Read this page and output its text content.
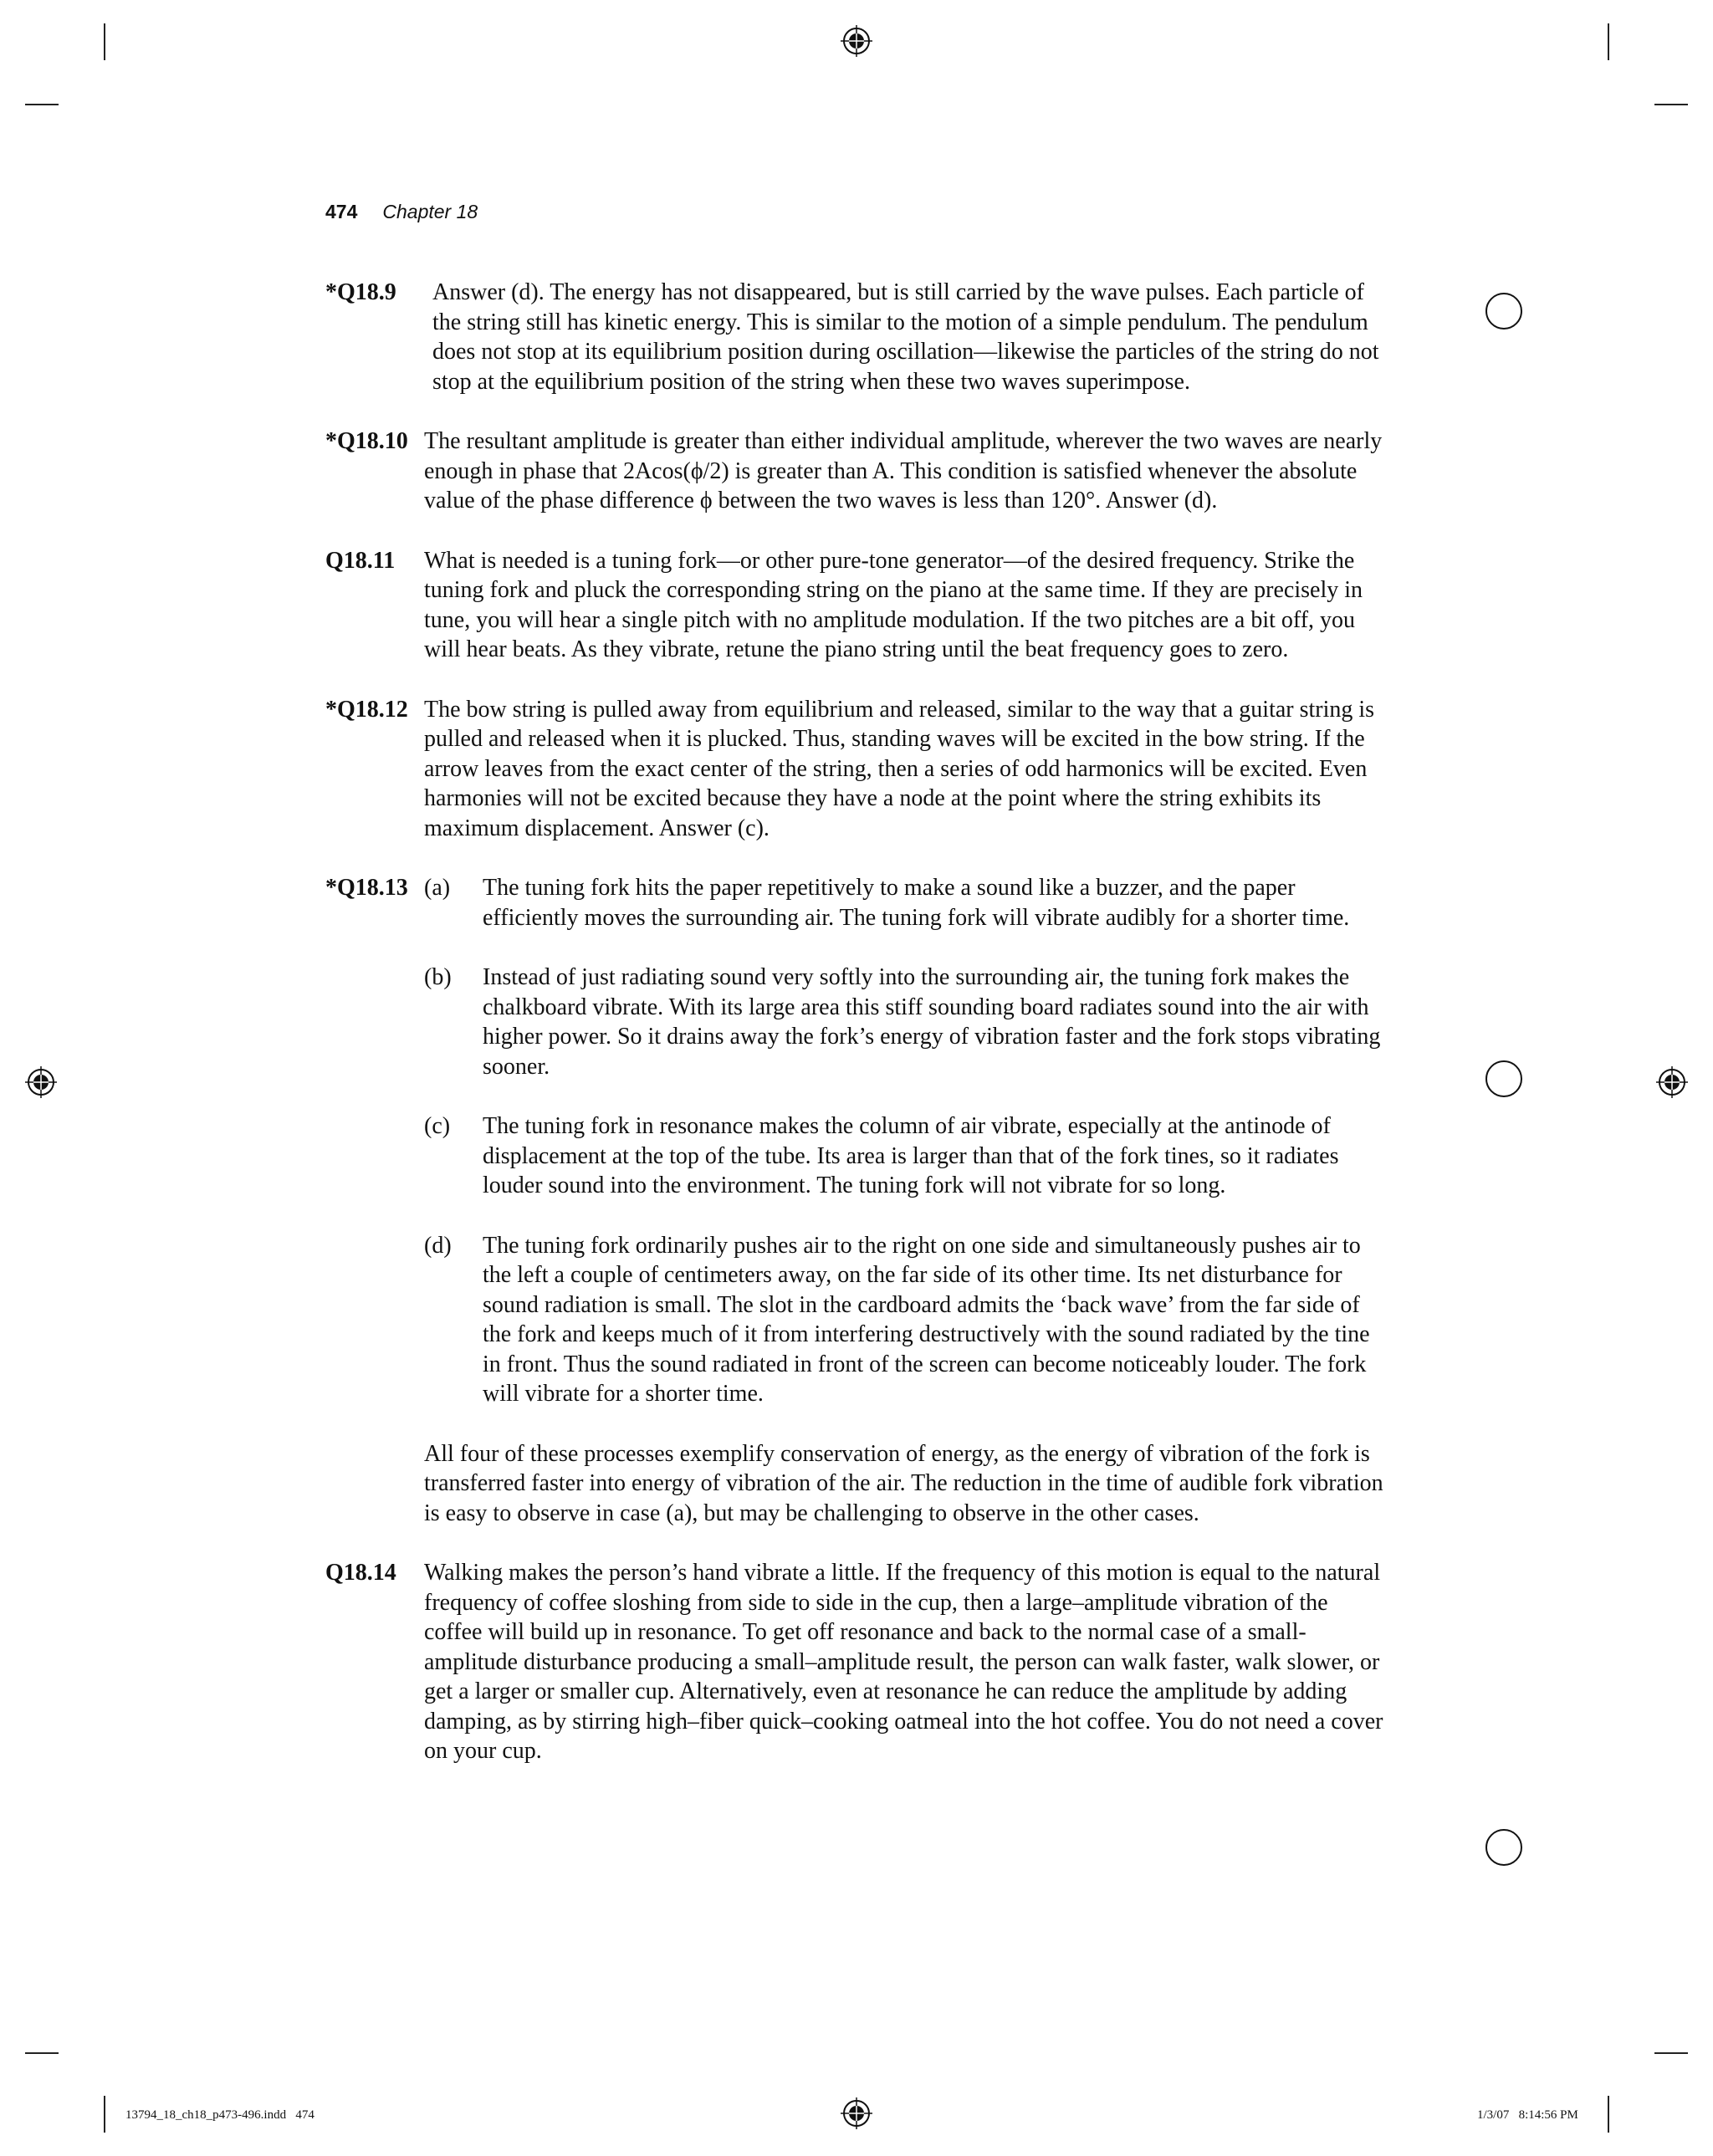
474 Chapter 18
*Q18.9	Answer (d). The energy has not disappeared, but is still carried by the wave pulses. Each particle of the string still has kinetic energy. This is similar to the motion of a simple pendulum. The pendulum does not stop at its equilibrium position during oscillation—likewise the particles of the string do not stop at the equilibrium position of the string when these two waves superimpose.
*Q18.10 The resultant amplitude is greater than either individual amplitude, wherever the two waves are nearly enough in phase that 2Acos(ϕ/2) is greater than A. This condition is satisfied whenever the absolute value of the phase difference ϕ between the two waves is less than 120°. Answer (d).
Q18.11	What is needed is a tuning fork—or other pure-tone generator—of the desired frequency. Strike the tuning fork and pluck the corresponding string on the piano at the same time. If they are precisely in tune, you will hear a single pitch with no amplitude modulation. If the two pitches are a bit off, you will hear beats. As they vibrate, retune the piano string until the beat frequency goes to zero.
*Q18.12 The bow string is pulled away from equilibrium and released, similar to the way that a guitar string is pulled and released when it is plucked. Thus, standing waves will be excited in the bow string. If the arrow leaves from the exact center of the string, then a series of odd harmonics will be excited. Even harmonies will not be excited because they have a node at the point where the string exhibits its maximum displacement. Answer (c).
*Q18.13 (a)	The tuning fork hits the paper repetitively to make a sound like a buzzer, and the paper efficiently moves the surrounding air. The tuning fork will vibrate audibly for a shorter time.
(b)	Instead of just radiating sound very softly into the surrounding air, the tuning fork makes the chalkboard vibrate. With its large area this stiff sounding board radiates sound into the air with higher power. So it drains away the fork’s energy of vibration faster and the fork stops vibrating sooner.
(c)	The tuning fork in resonance makes the column of air vibrate, especially at the antinode of displacement at the top of the tube. Its area is larger than that of the fork tines, so it radiates louder sound into the environment. The tuning fork will not vibrate for so long.
(d)	The tuning fork ordinarily pushes air to the right on one side and simultaneously pushes air to the left a couple of centimeters away, on the far side of its other time. Its net disturbance for sound radiation is small. The slot in the cardboard admits the ‘back wave’ from the far side of the fork and keeps much of it from interfering destructively with the sound radiated by the tine in front. Thus the sound radiated in front of the screen can become noticeably louder. The fork will vibrate for a shorter time.
All four of these processes exemplify conservation of energy, as the energy of vibration of the fork is transferred faster into energy of vibration of the air. The reduction in the time of audible fork vibration is easy to observe in case (a), but may be challenging to observe in the other cases.
Q18.14	Walking makes the person’s hand vibrate a little. If the frequency of this motion is equal to the natural frequency of coffee sloshing from side to side in the cup, then a large–amplitude vibration of the coffee will build up in resonance. To get off resonance and back to the normal case of a small-amplitude disturbance producing a small–amplitude result, the person can walk faster, walk slower, or get a larger or smaller cup. Alternatively, even at resonance he can reduce the amplitude by adding damping, as by stirring high–fiber quick–cooking oatmeal into the hot coffee. You do not need a cover on your cup.
13794_18_ch18_p473-496.indd   474	1/3/07   8:14:56 PM
